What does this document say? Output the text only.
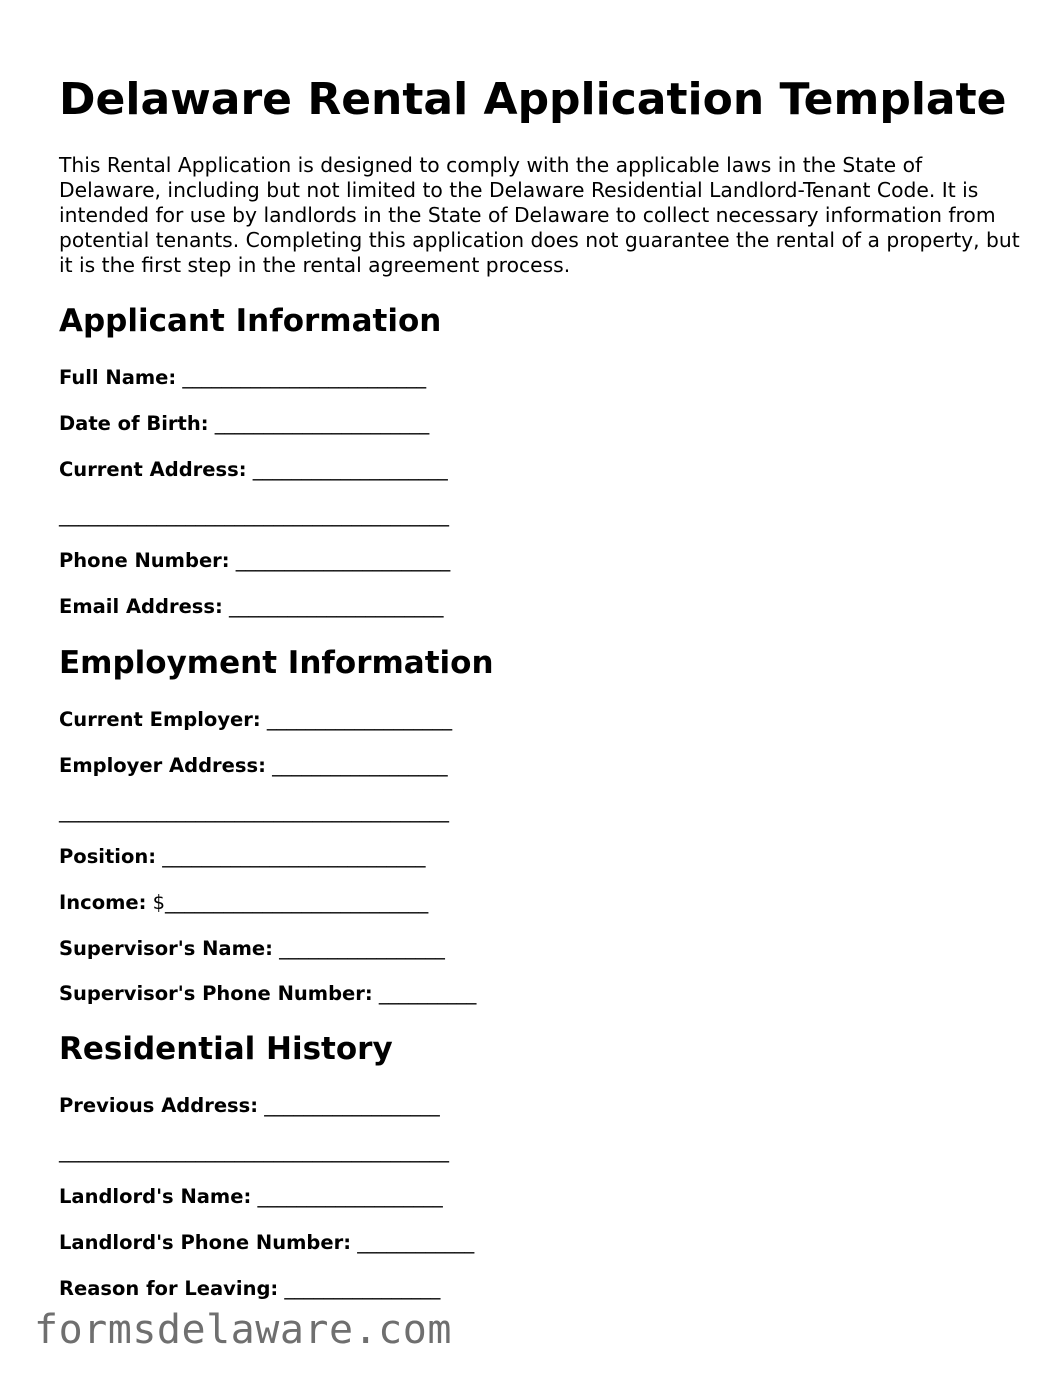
Delaware Rental Application Template

This Rental Application is designed to comply with the applicable laws in the State of Delaware, including but not limited to the Delaware Residential Landlord-Tenant Code. It is intended for use by landlords in the State of Delaware to collect necessary information from potential tenants. Completing this application does not guarantee the rental of a property, but it is the first step in the rental agreement process.

Applicant Information
Full Name: _________________________
Date of Birth: ______________________
Current Address: ____________________
________________________________________
Phone Number: ______________________
Email Address: ______________________
Employment Information
Current Employer: ___________________
Employer Address: __________________
________________________________________
Position: ___________________________
Income: $___________________________
Supervisor's Name: _________________
Supervisor's Phone Number: __________
Residential History
Previous Address: __________________
________________________________________
Landlord's Name: ___________________
Landlord's Phone Number: ____________
Reason for Leaving: ________________
formsdelaware.com
